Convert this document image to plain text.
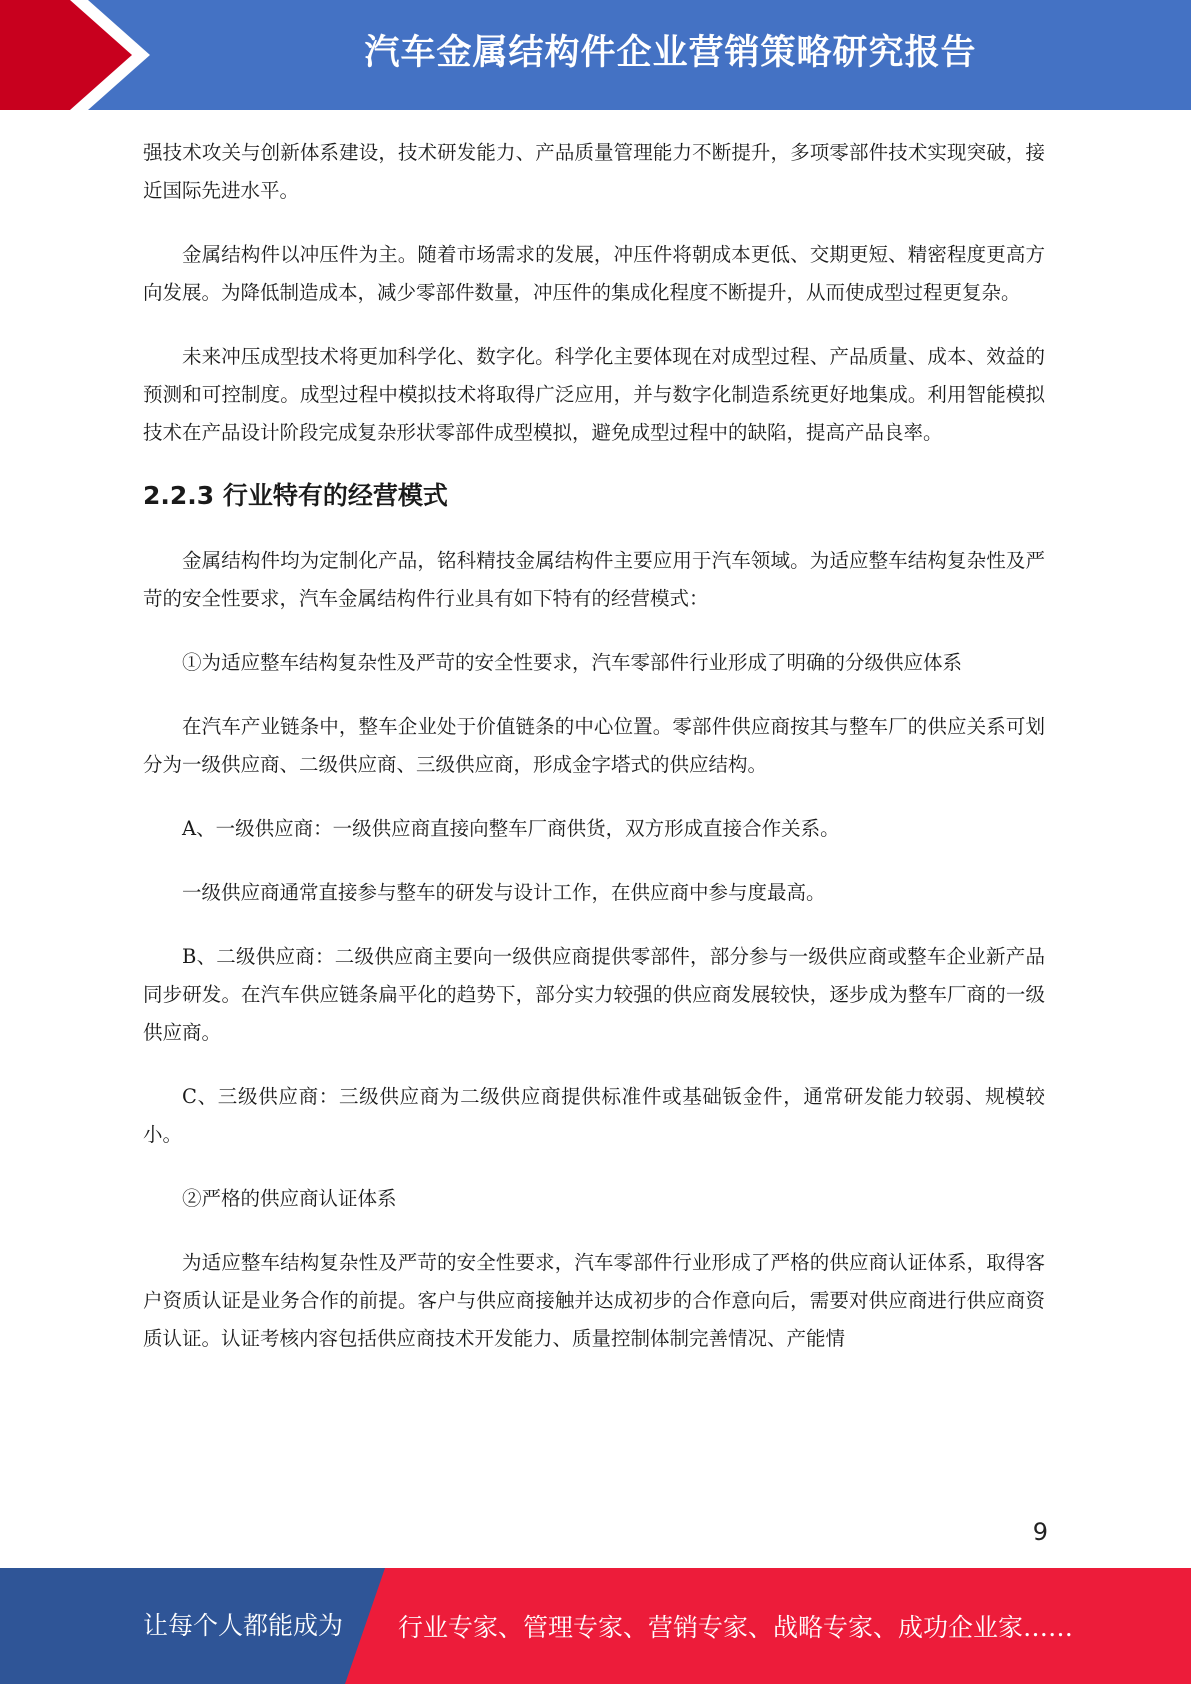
汽车金属结构件企业营销策略研究报告

强技术攻关与创新体系建设，技术研发能力、产品质量管理能力不断提升，多项零部件技术实现突破，接近国际先进水平。

金属结构件以冲压件为主。随着市场需求的发展，冲压件将朝成本更低、交期更短、精密程度更高方向发展。为降低制造成本，减少零部件数量，冲压件的集成化程度不断提升，从而使成型过程更复杂。

未来冲压成型技术将更加科学化、数字化。科学化主要体现在对成型过程、产品质量、成本、效益的预测和可控制度。成型过程中模拟技术将取得广泛应用，并与数字化制造系统更好地集成。利用智能模拟技术在产品设计阶段完成复杂形状零部件成型模拟，避免成型过程中的缺陷，提高产品良率。

2.2.3 行业特有的经营模式

金属结构件均为定制化产品，铭科精技金属结构件主要应用于汽车领域。为适应整车结构复杂性及严苛的安全性要求，汽车金属结构件行业具有如下特有的经营模式：

①为适应整车结构复杂性及严苛的安全性要求，汽车零部件行业形成了明确的分级供应体系

在汽车产业链条中，整车企业处于价值链条的中心位置。零部件供应商按其与整车厂的供应关系可划分为一级供应商、二级供应商、三级供应商，形成金字塔式的供应结构。

A、一级供应商：一级供应商直接向整车厂商供货，双方形成直接合作关系。

一级供应商通常直接参与整车的研发与设计工作，在供应商中参与度最高。

B、二级供应商：二级供应商主要向一级供应商提供零部件，部分参与一级供应商或整车企业新产品同步研发。在汽车供应链条扁平化的趋势下，部分实力较强的供应商发展较快，逐步成为整车厂商的一级供应商。

C、三级供应商：三级供应商为二级供应商提供标准件或基础钣金件，通常研发能力较弱、规模较小。

②严格的供应商认证体系

为适应整车结构复杂性及严苛的安全性要求，汽车零部件行业形成了严格的供应商认证体系，取得客户资质认证是业务合作的前提。客户与供应商接触并达成初步的合作意向后，需要对供应商进行供应商资质认证。认证考核内容包括供应商技术开发能力、质量控制体制完善情况、产能情

9
让每个人都能成为 行业专家、管理专家、营销专家、战略专家、成功企业家……
